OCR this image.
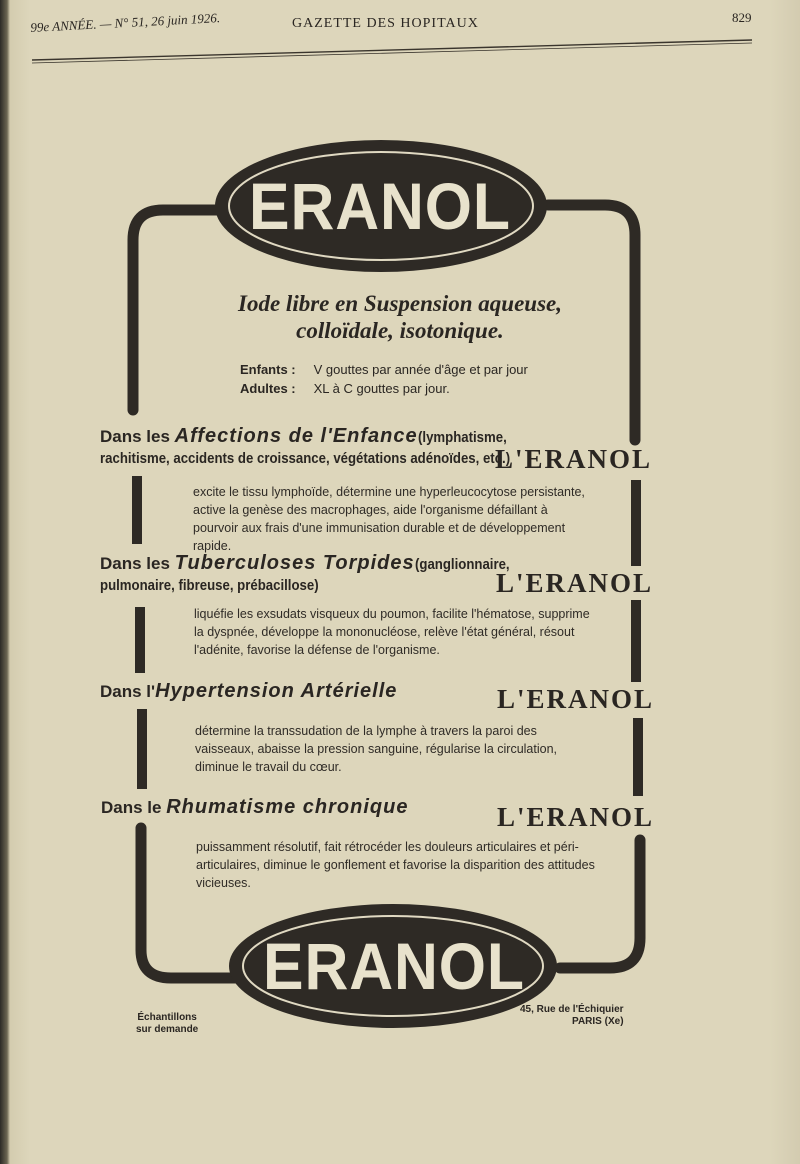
99e ANNÉE. — N° 51, 26 juin 1926.	GAZETTE DES HOPITAUX	829
ERANOL
ERANOL
Iode libre en Suspension aqueuse,
colloïdale, isotonique.
Enfants : V gouttes par année d'âge et par jour
Adultes : XL à C gouttes par jour.
Dans les Affections de l'Enfance(lymphatisme,
rachitisme, accidents de croissance, végétations adénoïdes, etc.)
L'ERANOL
excite le tissu lymphoïde, détermine une hyperleucocytose persistante, active la genèse des macrophages, aide l'organisme défaillant à pourvoir aux frais d'une immunisation durable et de développement rapide.
Dans les Tuberculoses Torpides(ganglionnaire,
pulmonaire, fibreuse, prébacillose)	L'ERANOL
liquéfie les exsudats visqueux du poumon, facilite l'hématose, supprime la dyspnée, développe la mononucléose, relève l'état général, résout l'adénite, favorise la défense de l'organisme.
Dans l'Hypertension Artérielle	L'ERANOL
détermine la transsudation de la lymphe à travers la paroi des vaisseaux, abaisse la pression sanguine, régularise la circulation, diminue le travail du cœur.
Dans le Rhumatisme chronique	L'ERANOL
puissamment résolutif, fait rétrocéder les douleurs articulaires et péri-articulaires, diminue le gonflement et favorise la disparition des attitudes vicieuses.
Échantillons
sur demande
45, Rue de l'Échiquier
PARIS (Xe)
